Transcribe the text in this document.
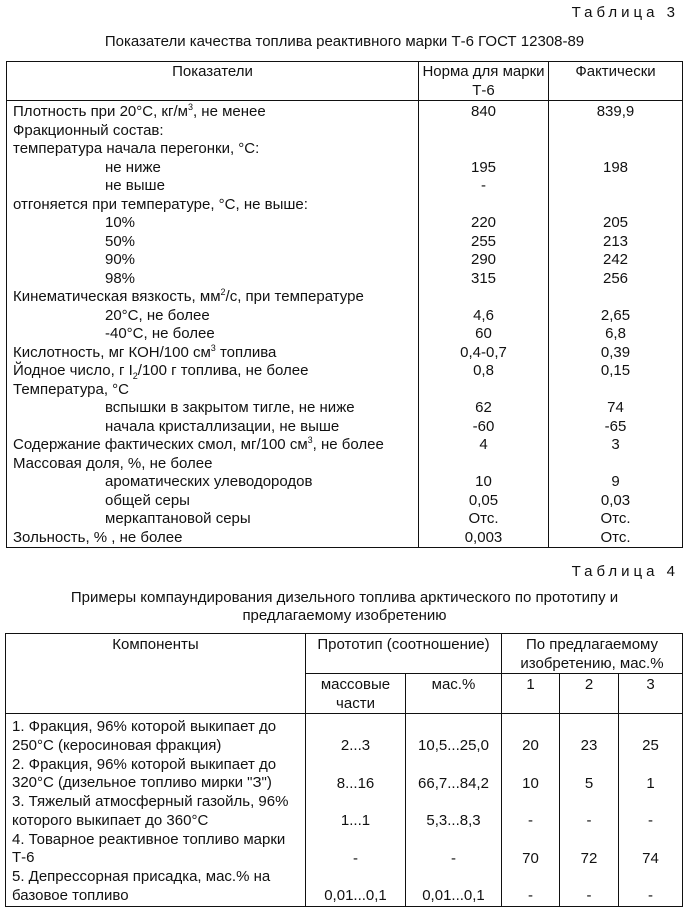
Таблица 3
Показатели качества топлива реактивного марки Т-6 ГОСТ 12308-89
Показатели	Норма для марки Т-6	Фактически
Плотность при 20°С, $кг/м^3$, не менее	840	839,9
Фракционный состав:		
температура начала перегонки, °С:		
не ниже	195	198
не выше	-	
отгоняется при температуре, °С, не выше:		
10%	220	205
50%	255	213
90%	290	242
98%	315	256
Кинематическая вязкость, $мм^2/с$, при температуре		
20°С, не более	4,6	2,65
-40°С, не более	60	6,8
Кислотность, мг КОН/100 $см^3$ топлива	0,4-0,7	0,39
Йодное число, г $I_2/100$ г топлива, не более	0,8	0,15
Температура, °С		
вспышки в закрытом тигле, не ниже	62	74
начала кристаллизации, не выше	-60	-65
Содержание фактических смол, мг/100 $см^3$, не более	4	3
Массовая доля, %, не более		
ароматических улеводородов	10	9
общей серы	0,05	0,03
меркаптановой серы	Отс.	Отс.
Зольность, % , не более	0,003	Отс.
Таблица 4
Примеры компаундирования дизельного топлива арктического по прототипу и
предлагаемому изобретению
Компоненты	Прототип (соотношение)		По предлагаемому изобретению, мас.%		
	массовые части	мас.%	1	2	3
1. Фракция, 96% которой выкипает до 250°С (керосиновая фракция)	2...3	10,5...25,0	20	23	25
2. Фракция, 96% которой выкипает до 320°С (дизельное топливо мирки "З")	8...16	66,7...84,2	10	5	1
3. Тяжелый атмосферный газойль, 96% которого выкипает до 360°С	1...1	5,3...8,3	-	-	-
4. Товарное реактивное топливо марки Т-6	-	-	70	72	74
5. Депрессорная присадка, мас.% на базовое топливо	0,01...0,1	0,01...0,1	-	-	-
